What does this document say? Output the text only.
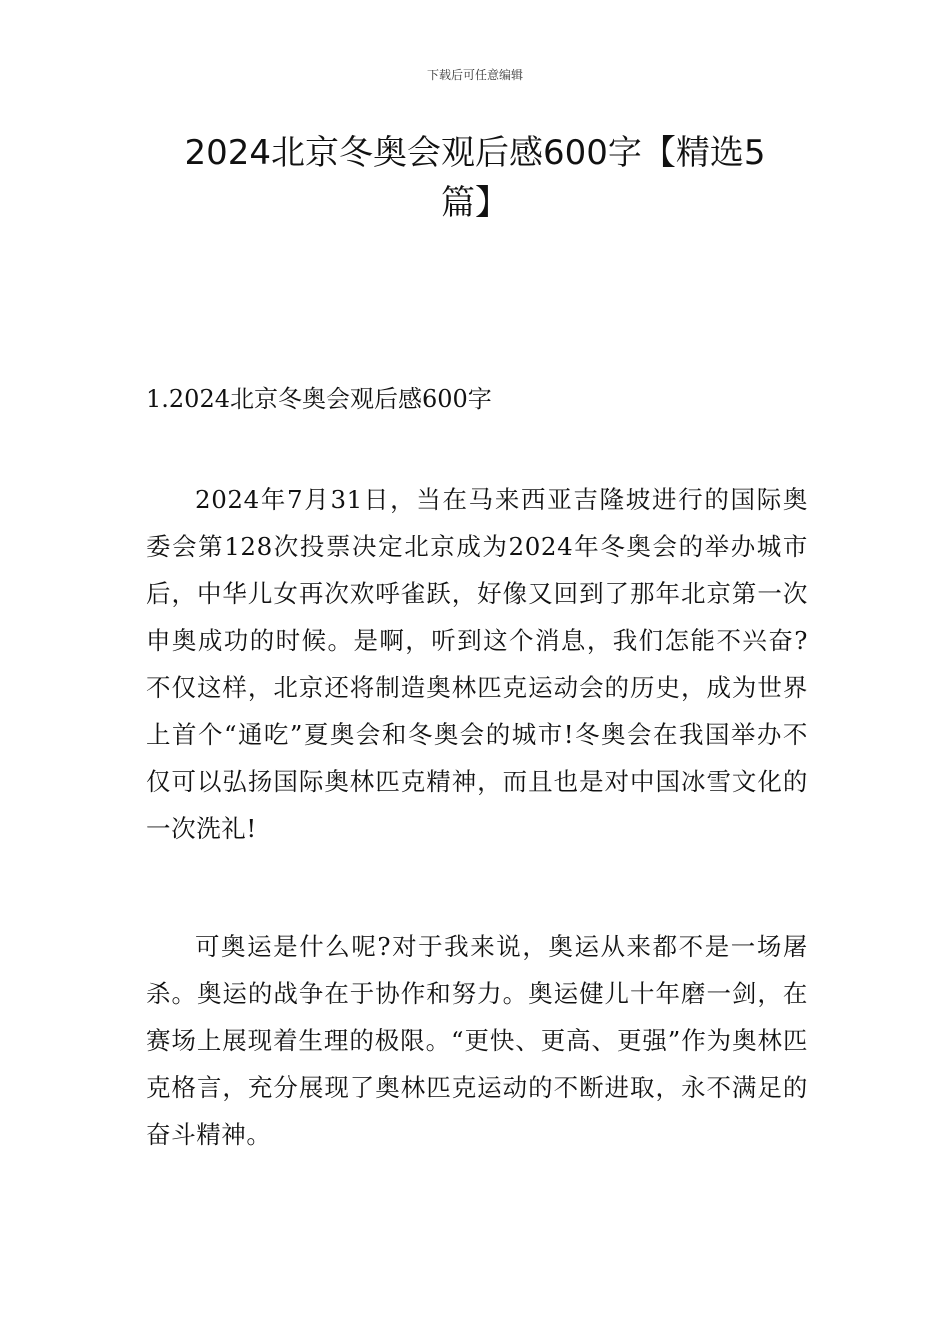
下载后可任意编辑
2024北京冬奥会观后感600字【精选5篇】
1.2024北京冬奥会观后感600字

2024年7月31日，当在马来西亚吉隆坡进行的国际奥委会第128次投票决定北京成为2024年冬奥会的举办城市后，中华儿女再次欢呼雀跃，好像又回到了那年北京第一次申奥成功的时候。是啊，听到这个消息，我们怎能不兴奋?不仅这样，北京还将制造奥林匹克运动会的历史，成为世界上首个“通吃”夏奥会和冬奥会的城市!冬奥会在我国举办不仅可以弘扬国际奥林匹克精神，而且也是对中国冰雪文化的一次洗礼!

可奥运是什么呢?对于我来说，奥运从来都不是一场屠杀。奥运的战争在于协作和努力。奥运健儿十年磨一剑，在赛场上展现着生理的极限。“更快、更高、更强”作为奥林匹克格言，充分展现了奥林匹克运动的不断进取，永不满足的奋斗精神。
